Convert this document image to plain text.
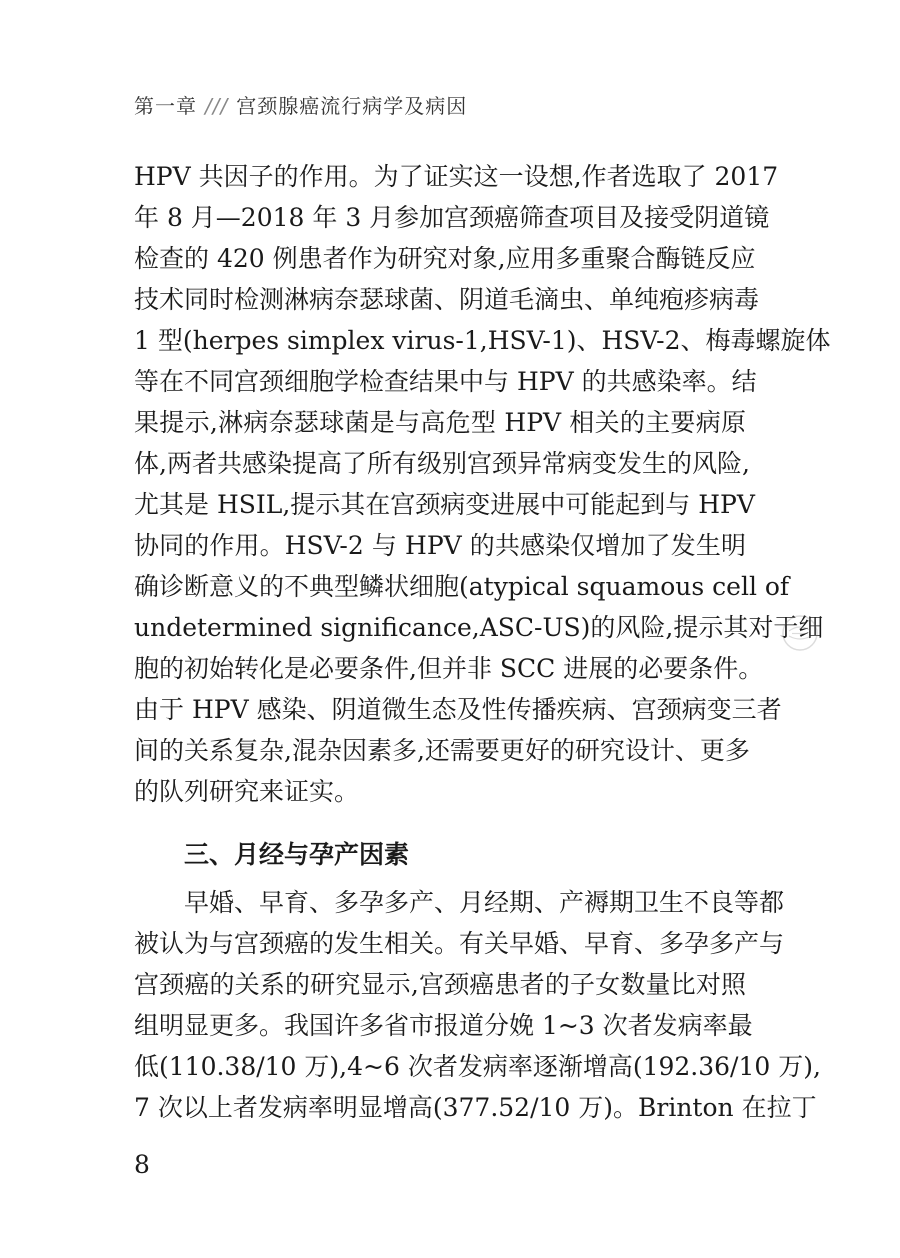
第一章 /// 宫颈腺癌流行病学及病因
HPV 共因子的作用。为了证实这一设想,作者选取了 2017
年 8 月—2018 年 3 月参加宫颈癌筛查项目及接受阴道镜
检查的 420 例患者作为研究对象,应用多重聚合酶链反应
技术同时检测淋病奈瑟球菌、阴道毛滴虫、单纯疱疹病毒
1 型(herpes simplex virus-1,HSV-1)、HSV-2、梅毒螺旋体
等在不同宫颈细胞学检查结果中与 HPV 的共感染率。结
果提示,淋病奈瑟球菌是与高危型 HPV 相关的主要病原
体,两者共感染提高了所有级别宫颈异常病变发生的风险,
尤其是 HSIL,提示其在宫颈病变进展中可能起到与 HPV
协同的作用。HSV-2 与 HPV 的共感染仅增加了发生明
确诊断意义的不典型鳞状细胞(atypical squamous cell of
undetermined significance,ASC-US)的风险,提示其对于细
胞的初始转化是必要条件,但并非 SCC 进展的必要条件。
由于 HPV 感染、阴道微生态及性传播疾病、宫颈病变三者
间的关系复杂,混杂因素多,还需要更好的研究设计、更多
的队列研究来证实。
三、月经与孕产因素
早婚、早育、多孕多产、月经期、产褥期卫生不良等都
被认为与宫颈癌的发生相关。有关早婚、早育、多孕多产与
宫颈癌的关系的研究显示,宫颈癌患者的子女数量比对照
组明显更多。我国许多省市报道分娩 1~3 次者发病率最
低(110.38/10 万),4~6 次者发病率逐渐增高(192.36/10 万),
7 次以上者发病率明显增高(377.52/10 万)。Brinton 在拉丁
8
